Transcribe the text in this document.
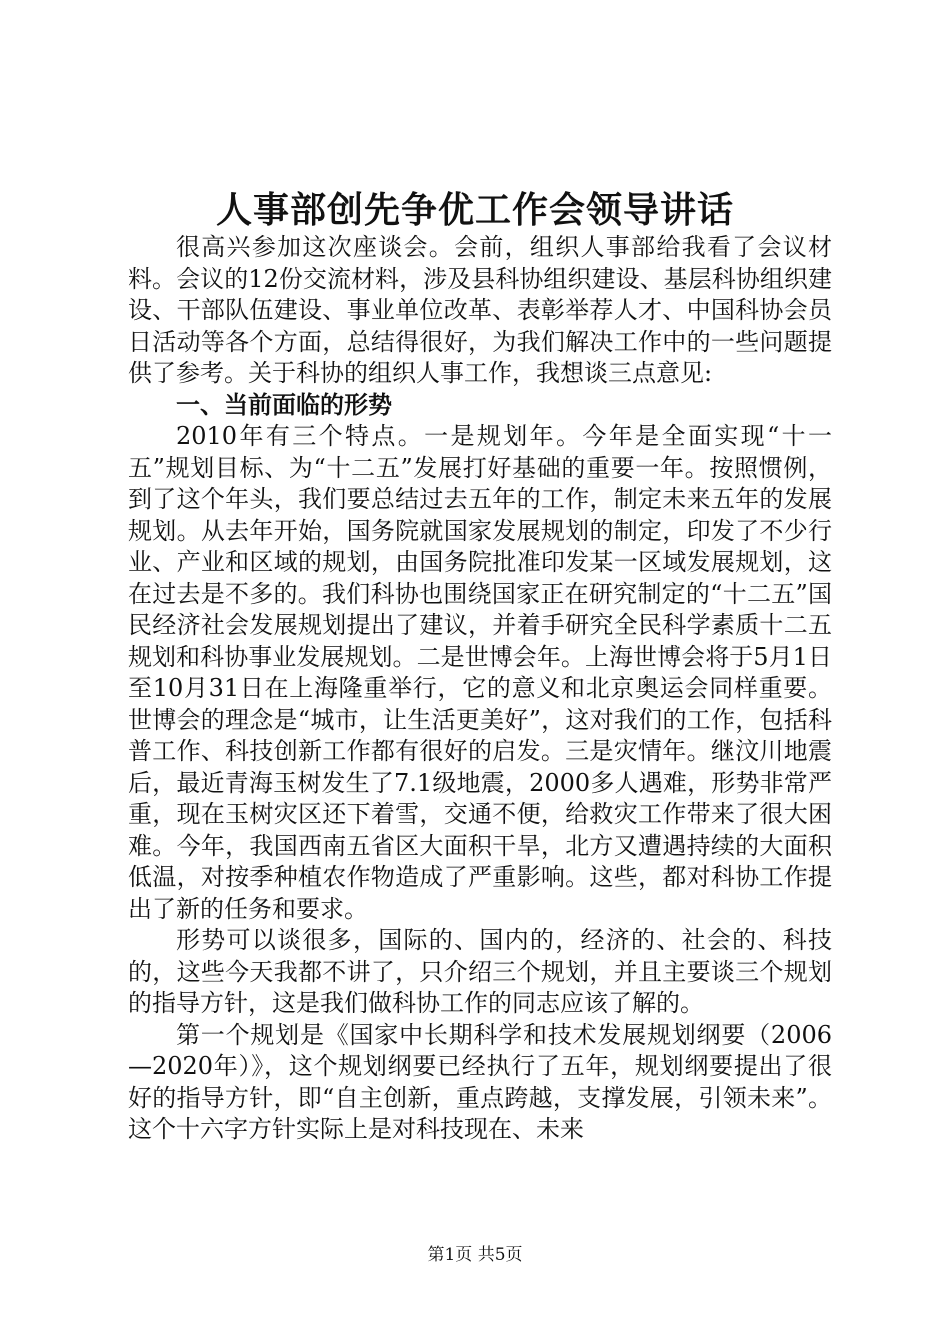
人事部创先争优工作会领导讲话

很高兴参加这次座谈会。会前，组织人事部给我看了会议材料。会议的12份交流材料，涉及县科协组织建设、基层科协组织建设、干部队伍建设、事业单位改革、表彰举荐人才、中国科协会员日活动等各个方面，总结得很好，为我们解决工作中的一些问题提供了参考。关于科协的组织人事工作，我想谈三点意见:

一、当前面临的形势

2010年有三个特点。一是规划年。今年是全面实现“十一五”规划目标、为“十二五”发展打好基础的重要一年。按照惯例，到了这个年头，我们要总结过去五年的工作，制定未来五年的发展规划。从去年开始，国务院就国家发展规划的制定，印发了不少行业、产业和区域的规划，由国务院批准印发某一区域发展规划，这在过去是不多的。我们科协也围绕国家正在研究制定的“十二五”国民经济社会发展规划提出了建议，并着手研究全民科学素质十二五规划和科协事业发展规划。二是世博会年。上海世博会将于5月1日至10月31日在上海隆重举行，它的意义和北京奥运会同样重要。世博会的理念是“城市，让生活更美好”，这对我们的工作，包括科普工作、科技创新工作都有很好的启发。三是灾情年。继汶川地震后，最近青海玉树发生了7.1级地震，2000多人遇难，形势非常严重，现在玉树灾区还下着雪，交通不便，给救灾工作带来了很大困难。今年，我国西南五省区大面积干旱，北方又遭遇持续的大面积低温，对按季种植农作物造成了严重影响。这些，都对科协工作提出了新的任务和要求。

形势可以谈很多，国际的、国内的，经济的、社会的、科技的，这些今天我都不讲了，只介绍三个规划，并且主要谈三个规划的指导方针，这是我们做科协工作的同志应该了解的。

第一个规划是《国家中长期科学和技术发展规划纲要（2006—2020年）》，这个规划纲要已经执行了五年，规划纲要提出了很好的指导方针，即“自主创新，重点跨越，支撑发展，引领未来”。这个十六字方针实际上是对科技现在、未来

第1页 共5页
